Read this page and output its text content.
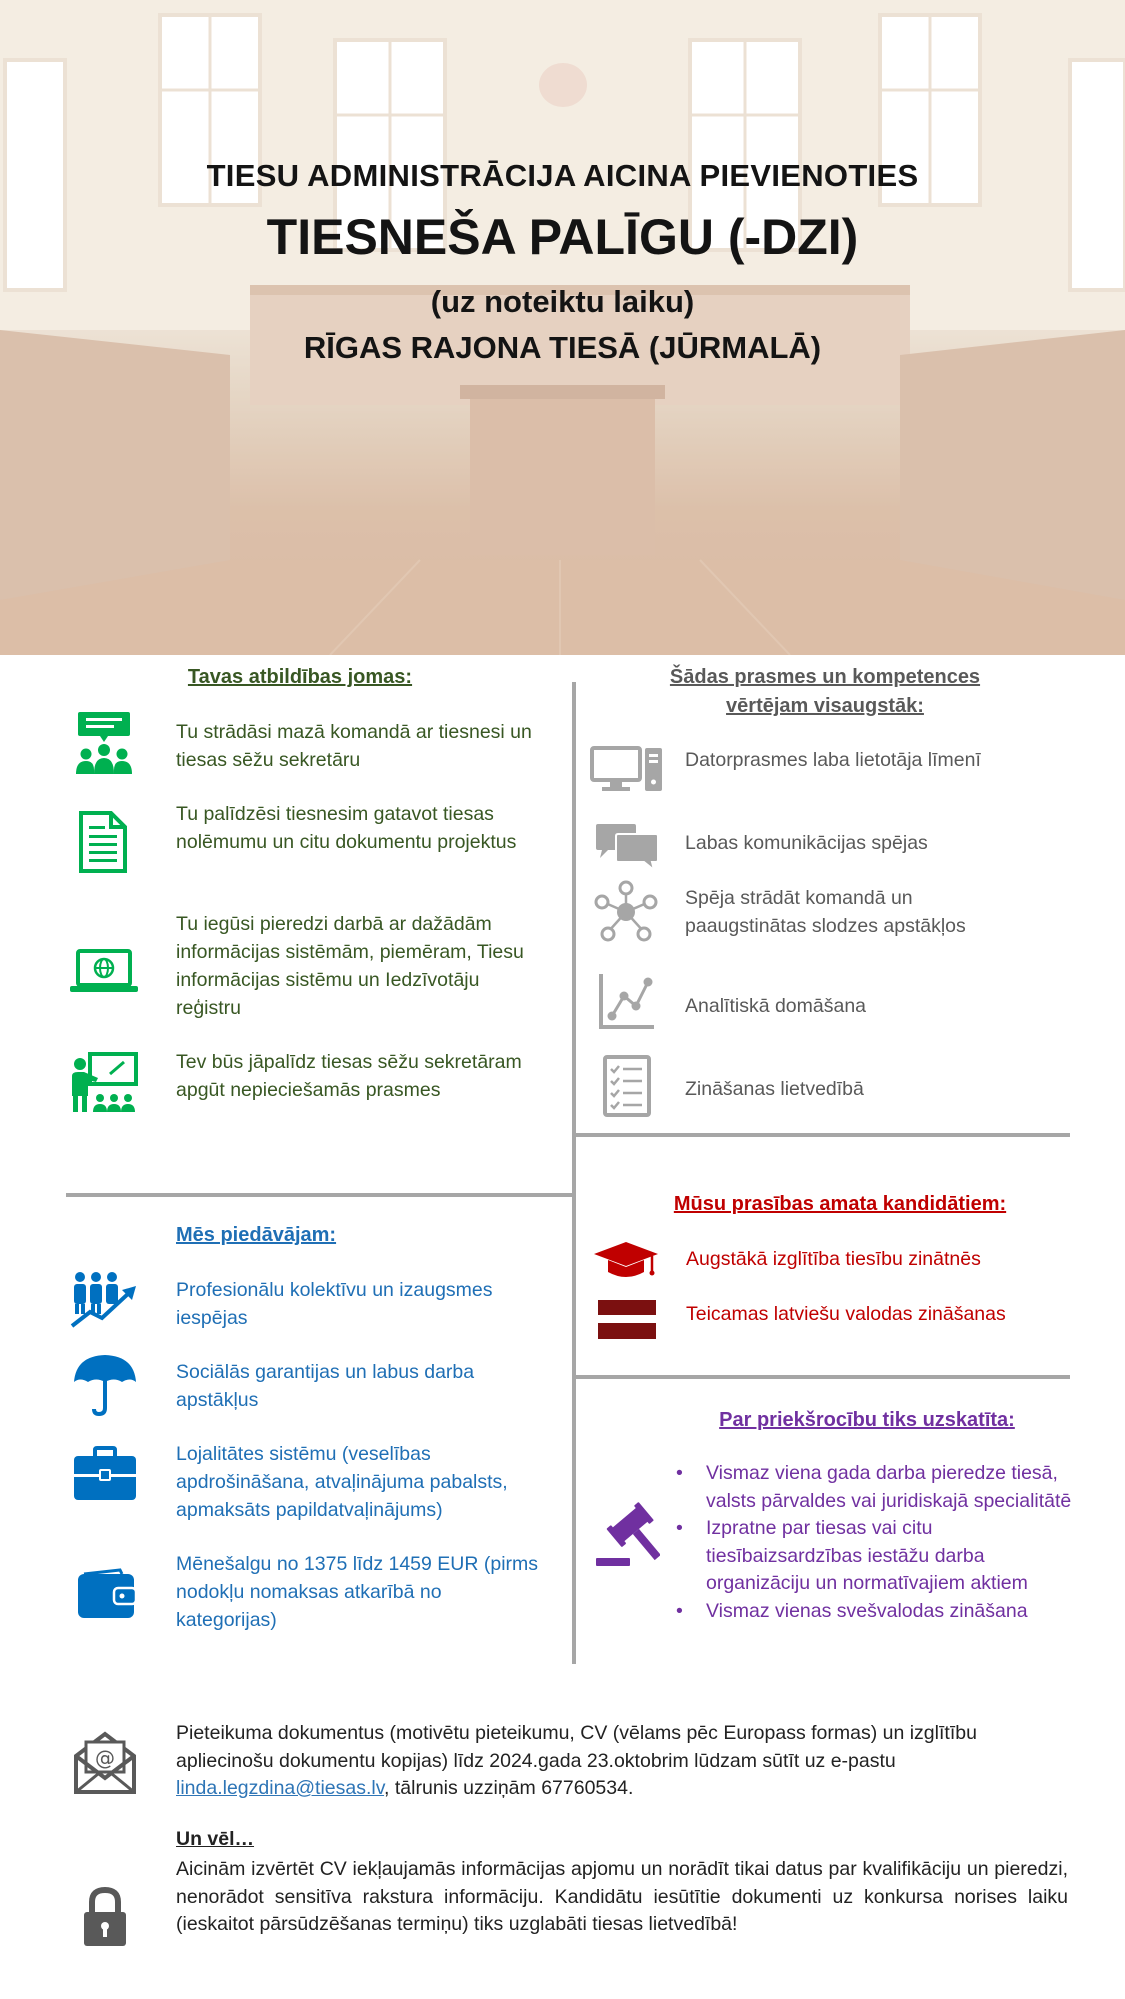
TIESU ADMINISTRĀCIJA AICINA PIEVIENOTIES
TIESNEŠA PALĪGU (-DZI)
(uz noteiktu laiku)
RĪGAS RAJONA TIESĀ (JŪRMALĀ)
Tavas atbildības jomas:
Tu strādāsi mazā komandā ar tiesnesi un tiesas sēžu sekretāru
Tu palīdzēsi tiesnesim gatavot tiesas nolēmumu un citu dokumentu projektus
Tu iegūsi pieredzi darbā ar dažādām informācijas sistēmām, piemēram, Tiesu informācijas sistēmu un Iedzīvotāju reģistru
Tev būs jāpalīdz tiesas sēžu sekretāram apgūt nepieciešamās prasmes
Šādas prasmes un kompetences
vērtējam visaugstāk:
Datorprasmes laba lietotāja līmenī
Labas komunikācijas spējas
Spēja strādāt komandā un paaugstinātas slodzes apstākļos
Analītiskā domāšana
Zināšanas lietvedībā
Mēs piedāvājam:
Profesionālu kolektīvu un izaugsmes iespējas
Sociālās garantijas un labus darba apstākļus
Lojalitātes sistēmu (veselības apdrošināšana, atvaļinājuma pabalsts, apmaksāts papildatvaļinājums)
Mēnešalgu no 1375 līdz 1459 EUR (pirms nodokļu nomaksas atkarībā no kategorijas)
Mūsu prasības amata kandidātiem:
Augstākā izglītība tiesību zinātnēs
Teicamas latviešu valodas zināšanas
Par priekšrocību tiks uzskatīta:
• Vismaz viena gada darba pieredze tiesā, valsts pārvaldes vai juridiskajā specialitātē
• Izpratne par tiesas vai citu tiesībaizsardzības iestāžu darba organizāciju un normatīvajiem aktiem
• Vismaz vienas svešvalodas zināšana
@
Pieteikuma dokumentus (motivētu pieteikumu, CV (vēlams pēc Europass formas) un izglītību apliecinošu dokumentu kopijas) līdz 2024.gada 23.oktobrim lūdzam sūtīt uz e-pastu linda.legzdina@tiesas.lv, tālrunis uzziņām 67760534.
Un vēl…
Aicinām izvērtēt CV iekļaujamās informācijas apjomu un norādīt tikai datus par kvalifikāciju un pieredzi, nenorādot sensitīva rakstura informāciju. Kandidātu iesūtītie dokumenti uz konkursa norises laiku (ieskaitot pārsūdzēšanas termiņu) tiks uzglabāti tiesas lietvedībā!
